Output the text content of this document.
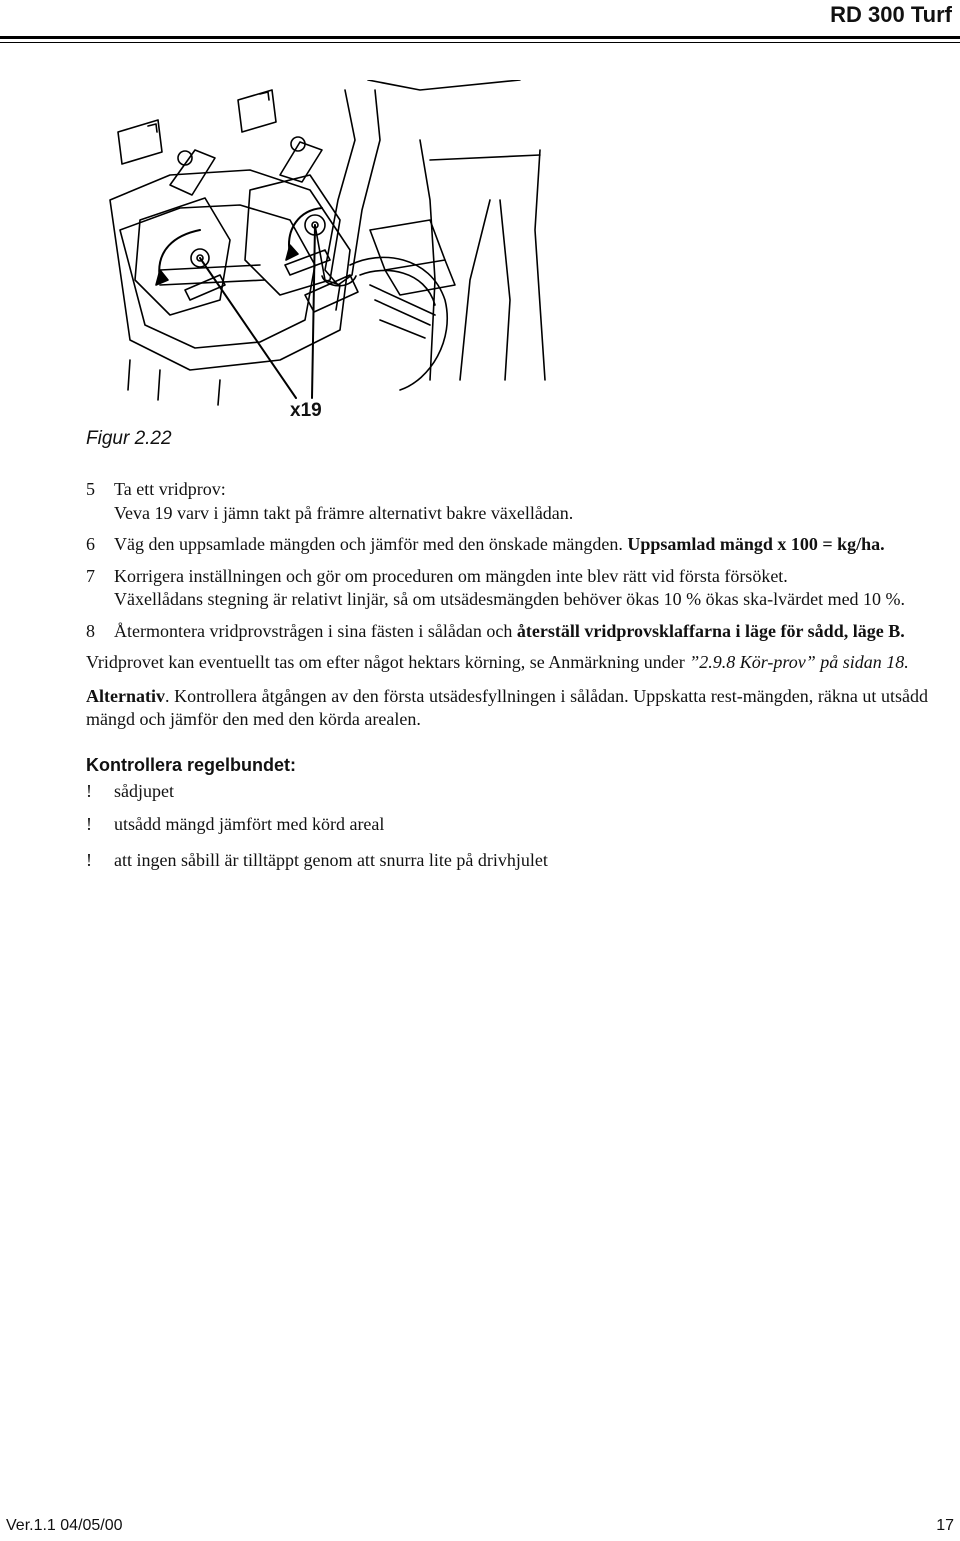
RD 300 Turf
x19
Figur 2.22
5 Ta ett vridprov:

Veva 19 varv i jämn takt på främre alternativt bakre växellådan.

6 Väg den uppsamlade mängden och jämför med den önskade mängden. Uppsamlad mängd x 100 = kg/ha.

7 Korrigera inställningen och gör om proceduren om mängden inte blev rätt vid första försöket.

Växellådans stegning är relativt linjär, så om utsädesmängden behöver ökas 10 % ökas ska-lvärdet med 10 %.

8 Återmontera vridprovstrågen i sina fästen i sålådan och återställ vridprovsklaffarna i läge för sådd, läge B.

Vridprovet kan eventuellt tas om efter något hektars körning, se Anmärkning under ”2.9.8 Kör-prov” på sidan 18.

Alternativ. Kontrollera åtgången av den första utsädesfyllningen i sålådan. Uppskatta rest-mängden, räkna ut utsådd mängd och jämför den med den körda arealen.

Kontrollera regelbundet:
! sådjupet
! utsådd mängd jämfört med körd areal
! att ingen såbill är tilltäppt genom att snurra lite på drivhjulet
Ver.1.1 04/05/00	17
